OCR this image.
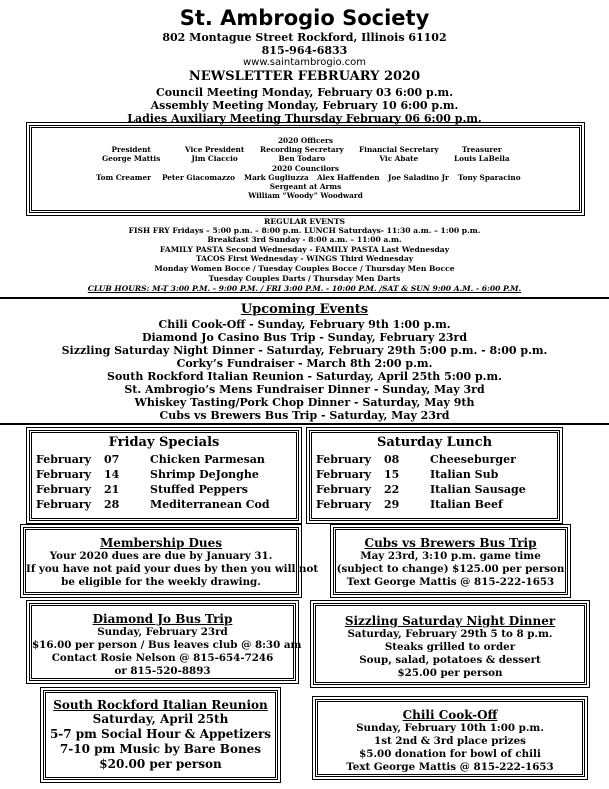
St. Ambrogio Society
802 Montague Street Rockford, Illinois 61102
815-964-6833
www.saintambrogio.com
NEWSLETTER FEBRUARY 2020
Council Meeting Monday, February 03 6:00 p.m.
Assembly Meeting Monday, February 10 6:00 p.m.
Ladies Auxiliary Meeting Thursday February 06 6:00 p.m.
2020 Officers
President
George Mattis
Vice President
Jim Ciaccio
Recording Secretary
Ben Todaro
Financial Secretary
Vic Abate
Treasurer
Louis LaBella
2020 Councilors
Tom Creamer Peter Giacomazzo Mark Gugliuzza Alex Haffenden Joe Saladino Jr Tony Sparacino
Sergeant at Arms
William “Woody” Woodward
REGULAR EVENTS
FISH FRY Fridays – 5:00 p.m. – 8:00 p.m. LUNCH Saturdays- 11:30 a.m. – 1:00 p.m.
Breakfast 3rd Sunday - 8:00 a.m. – 11:00 a.m.
FAMILY PASTA Second Wednesday - FAMILY PASTA Last Wednesday
TACOS First Wednesday - WINGS Third Wednesday
Monday Women Bocce / Tuesday Couples Bocce / Thursday Men Bocce
Tuesday Couples Darts / Thursday Men Darts
CLUB HOURS: M-T 3:00 P.M. - 9:00 P.M. / FRI 3:00 P.M. - 10:00 P.M. /SAT & SUN 9:00 A.M. - 6:00 P.M.
Upcoming Events
Chili Cook-Off - Sunday, February 9th 1:00 p.m.
Diamond Jo Casino Bus Trip - Sunday, February 23rd
Sizzling Saturday Night Dinner - Saturday, February 29th 5:00 p.m. - 8:00 p.m.
Corky’s Fundraiser - March 8th 2:00 p.m.
South Rockford Italian Reunion - Saturday, April 25th 5:00 p.m.
St. Ambrogio’s Mens Fundraiser Dinner - Sunday, May 3rd
Whiskey Tasting/Pork Chop Dinner - Saturday, May 9th
Cubs vs Brewers Bus Trip - Saturday, May 23rd
Friday Specials
February 07	Chicken Parmesan
February 14	Shrimp DeJonghe
February 21	Stuffed Peppers
February 28	Mediterranean Cod
Saturday Lunch
February 08	Cheeseburger
February 15	Italian Sub
February 22	Italian Sausage
February 29	Italian Beef
Membership Dues
Your 2020 dues are due by January 31.
If you have not paid your dues by then you will not
be eligible for the weekly drawing.
Cubs vs Brewers Bus Trip
May 23rd, 3:10 p.m. game time
(subject to change) $125.00 per person
Text George Mattis @ 815-222-1653
Diamond Jo Bus Trip
Sunday, February 23rd
$16.00 per person / Bus leaves club @ 8:30 am
Contact Rosie Nelson @ 815-654-7246
or 815-520-8893
Sizzling Saturday Night Dinner
Saturday, February 29th 5 to 8 p.m.
Steaks grilled to order
Soup, salad, potatoes & dessert
$25.00 per person
South Rockford Italian Reunion
Saturday, April 25th
5-7 pm Social Hour & Appetizers
7-10 pm Music by Bare Bones
$20.00 per person
Chili Cook-Off
Sunday, February 10th 1:00 p.m.
1st 2nd & 3rd place prizes
$5.00 donation for bowl of chili
Text George Mattis @ 815-222-1653
